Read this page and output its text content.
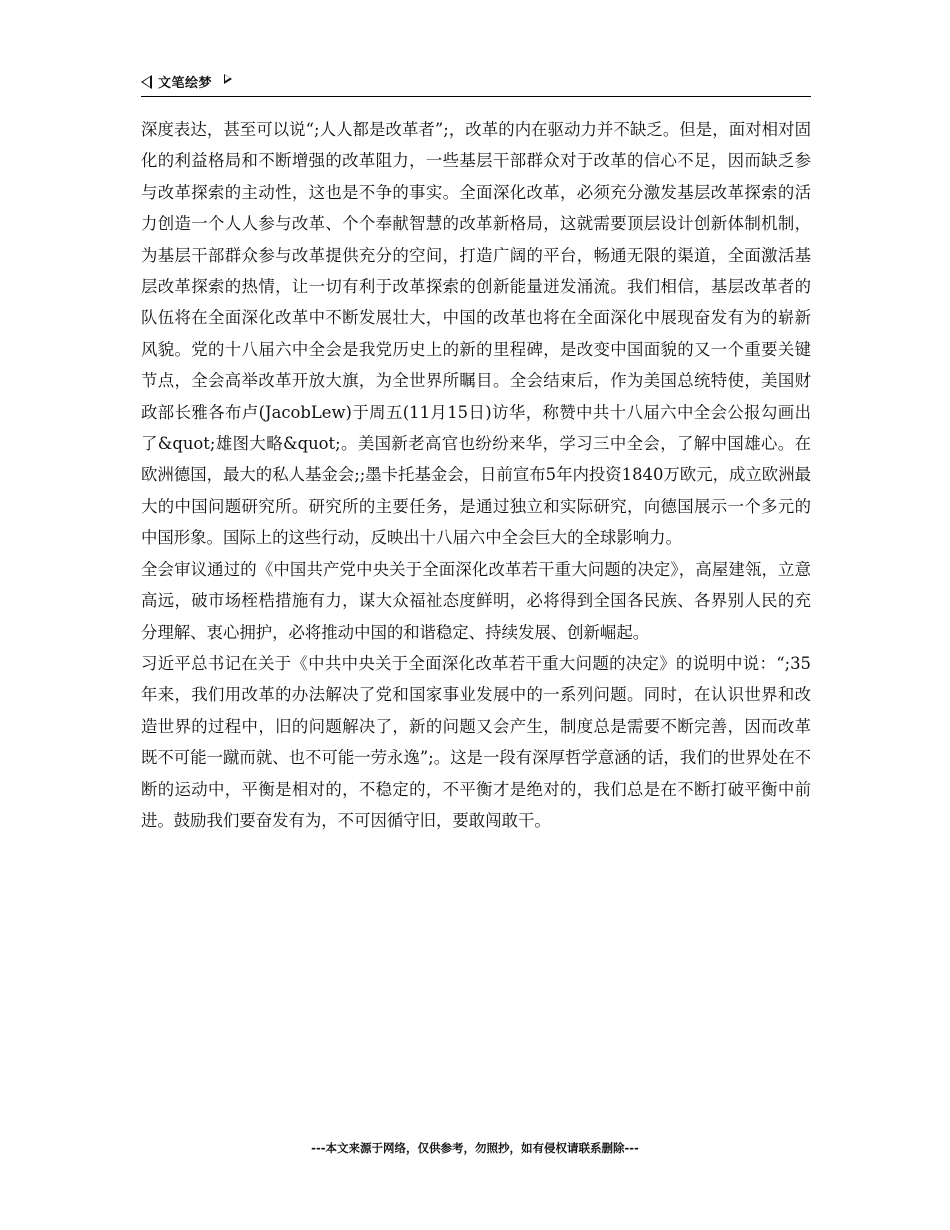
文笔绘梦

深度表达，甚至可以说“;人人都是改革者”;，改革的内在驱动力并不缺乏。但是，面对相对固化的利益格局和不断增强的改革阻力，一些基层干部群众对于改革的信心不足，因而缺乏参与改革探索的主动性，这也是不争的事实。全面深化改革，必须充分激发基层改革探索的活力创造一个人人参与改革、个个奉献智慧的改革新格局，这就需要顶层设计创新体制机制，为基层干部群众参与改革提供充分的空间，打造广阔的平台，畅通无限的渠道，全面激活基层改革探索的热情，让一切有利于改革探索的创新能量迸发涌流。我们相信，基层改革者的队伍将在全面深化改革中不断发展壮大，中国的改革也将在全面深化中展现奋发有为的崭新风貌。党的十八届六中全会是我党历史上的新的里程碑，是改变中国面貌的又一个重要关键节点，全会高举改革开放大旗，为全世界所瞩目。全会结束后，作为美国总统特使，美国财政部长雅各布卢(JacobLew)于周五(11月15日)访华，称赞中共十八届六中全会公报勾画出了&quot;雄图大略&quot;。美国新老高官也纷纷来华，学习三中全会，了解中国雄心。在欧洲德国，最大的私人基金会;;墨卡托基金会，日前宣布5年内投资1840万欧元，成立欧洲最大的中国问题研究所。研究所的主要任务，是通过独立和实际研究，向德国展示一个多元的中国形象。国际上的这些行动，反映出十八届六中全会巨大的全球影响力。

全会审议通过的《中国共产党中央关于全面深化改革若干重大问题的决定》，高屋建瓴，立意高远，破市场桎梏措施有力，谋大众福祉态度鲜明，必将得到全国各民族、各界别人民的充分理解、衷心拥护，必将推动中国的和谐稳定、持续发展、创新崛起。

习近平总书记在关于《中共中央关于全面深化改革若干重大问题的决定》的说明中说：“;35年来，我们用改革的办法解决了党和国家事业发展中的一系列问题。同时，在认识世界和改造世界的过程中，旧的问题解决了，新的问题又会产生，制度总是需要不断完善，因而改革既不可能一蹴而就、也不可能一劳永逸”;。这是一段有深厚哲学意涵的话，我们的世界处在不断的运动中，平衡是相对的，不稳定的，不平衡才是绝对的，我们总是在不断打破平衡中前进。鼓励我们要奋发有为，不可因循守旧，要敢闯敢干。

---本文来源于网络，仅供参考，勿照抄，如有侵权请联系删除---
